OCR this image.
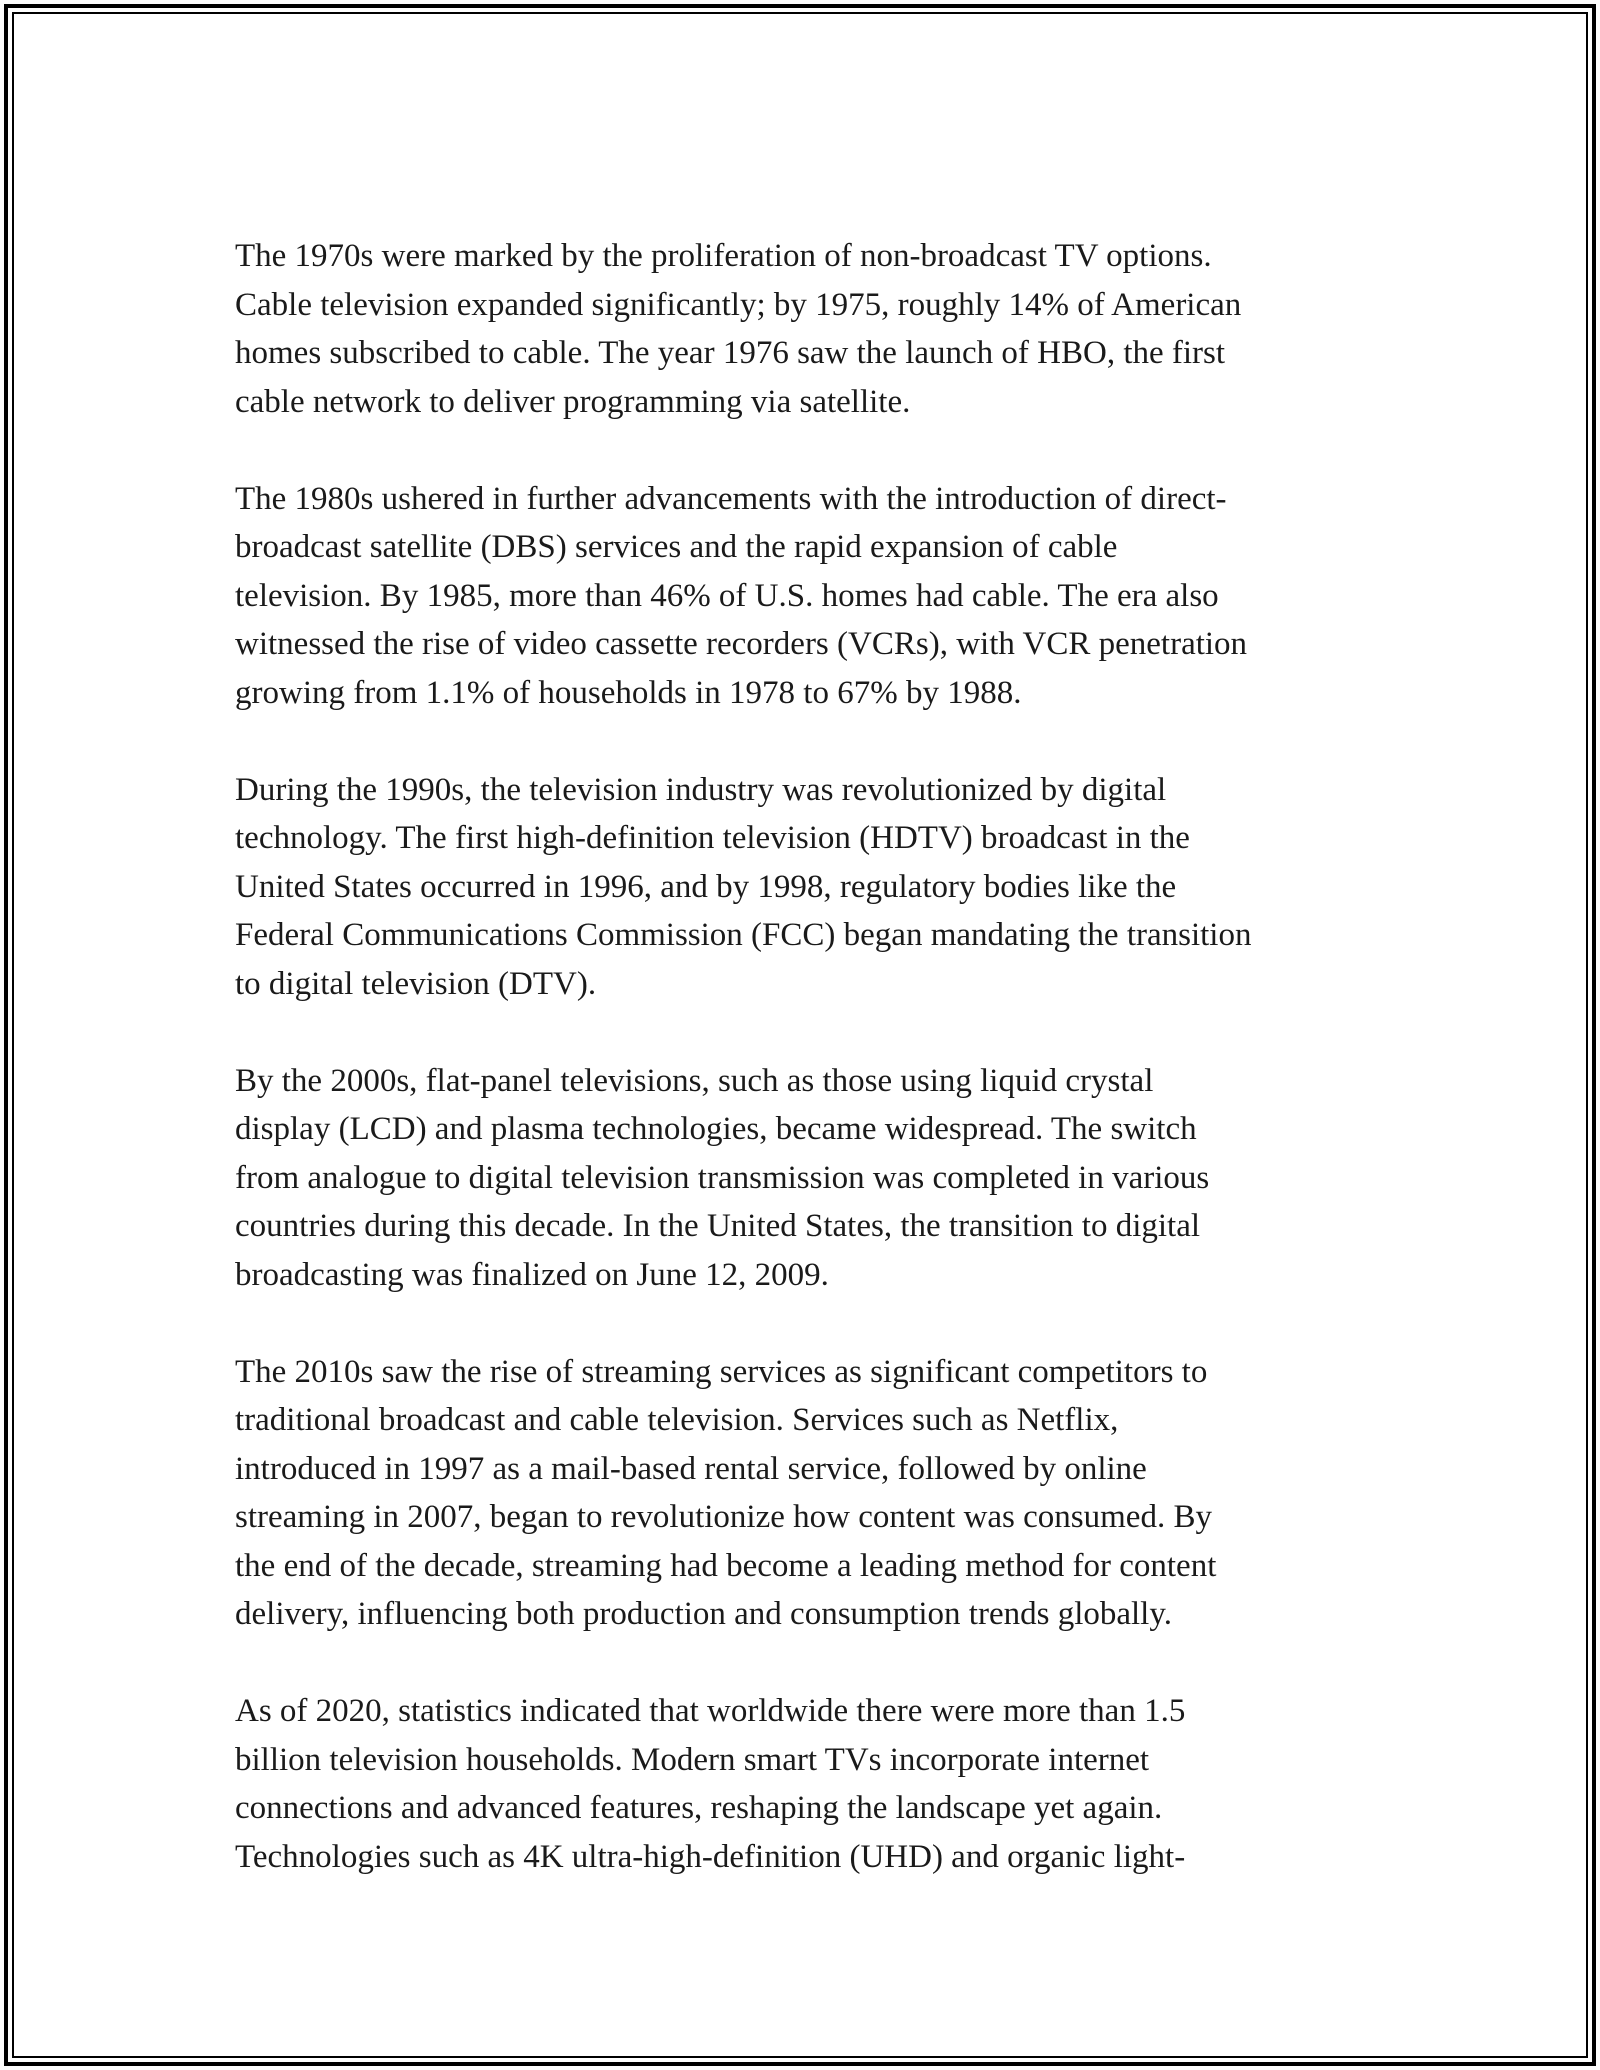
The 1970s were marked by the proliferation of non-broadcast TV options.
Cable television expanded significantly; by 1975, roughly 14% of American
homes subscribed to cable. The year 1976 saw the launch of HBO, the first
cable network to deliver programming via satellite.

The 1980s ushered in further advancements with the introduction of direct-
broadcast satellite (DBS) services and the rapid expansion of cable
television. By 1985, more than 46% of U.S. homes had cable. The era also
witnessed the rise of video cassette recorders (VCRs), with VCR penetration
growing from 1.1% of households in 1978 to 67% by 1988.

During the 1990s, the television industry was revolutionized by digital
technology. The first high-definition television (HDTV) broadcast in the
United States occurred in 1996, and by 1998, regulatory bodies like the
Federal Communications Commission (FCC) began mandating the transition
to digital television (DTV).

By the 2000s, flat-panel televisions, such as those using liquid crystal
display (LCD) and plasma technologies, became widespread. The switch
from analogue to digital television transmission was completed in various
countries during this decade. In the United States, the transition to digital
broadcasting was finalized on June 12, 2009.

The 2010s saw the rise of streaming services as significant competitors to
traditional broadcast and cable television. Services such as Netflix,
introduced in 1997 as a mail-based rental service, followed by online
streaming in 2007, began to revolutionize how content was consumed. By
the end of the decade, streaming had become a leading method for content
delivery, influencing both production and consumption trends globally.

As of 2020, statistics indicated that worldwide there were more than 1.5
billion television households. Modern smart TVs incorporate internet
connections and advanced features, reshaping the landscape yet again.
Technologies such as 4K ultra-high-definition (UHD) and organic light-
